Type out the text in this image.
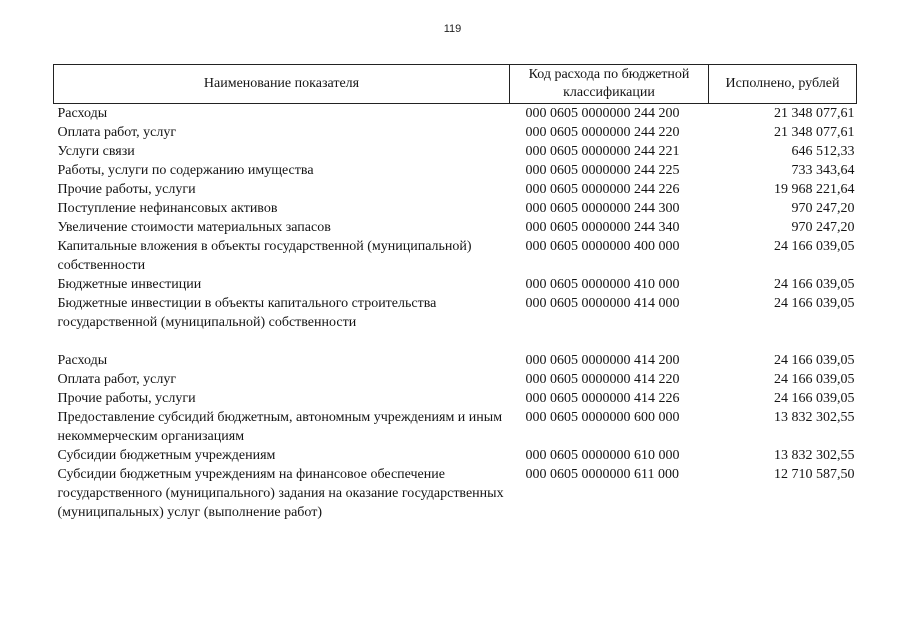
119
Наименование показателя	Код расхода по бюджетной классификации	Исполнено, рублей
Расходы	000 0605 0000000 244 200	21 348 077,61
Оплата работ, услуг	000 0605 0000000 244 220	21 348 077,61
Услуги связи	000 0605 0000000 244 221	646 512,33
Работы, услуги по содержанию имущества	000 0605 0000000 244 225	733 343,64
Прочие работы, услуги	000 0605 0000000 244 226	19 968 221,64
Поступление нефинансовых активов	000 0605 0000000 244 300	970 247,20
Увеличение стоимости материальных запасов	000 0605 0000000 244 340	970 247,20
Капитальные вложения в объекты государственной (муниципальной) собственности	000 0605 0000000 400 000	24 166 039,05
Бюджетные инвестиции	000 0605 0000000 410 000	24 166 039,05
Бюджетные инвестиции в объекты капитального строительства государственной (муниципальной) собственности	000 0605 0000000 414 000	24 166 039,05

Расходы	000 0605 0000000 414 200	24 166 039,05
Оплата работ, услуг	000 0605 0000000 414 220	24 166 039,05
Прочие работы, услуги	000 0605 0000000 414 226	24 166 039,05
Предоставление субсидий бюджетным, автономным учреждениям и иным некоммерческим организациям	000 0605 0000000 600 000	13 832 302,55
Субсидии бюджетным учреждениям	000 0605 0000000 610 000	13 832 302,55
Субсидии бюджетным учреждениям на финансовое обеспечение государственного (муниципального) задания на оказание государственных (муниципальных) услуг (выполнение работ)	000 0605 0000000 611 000	12 710 587,50
